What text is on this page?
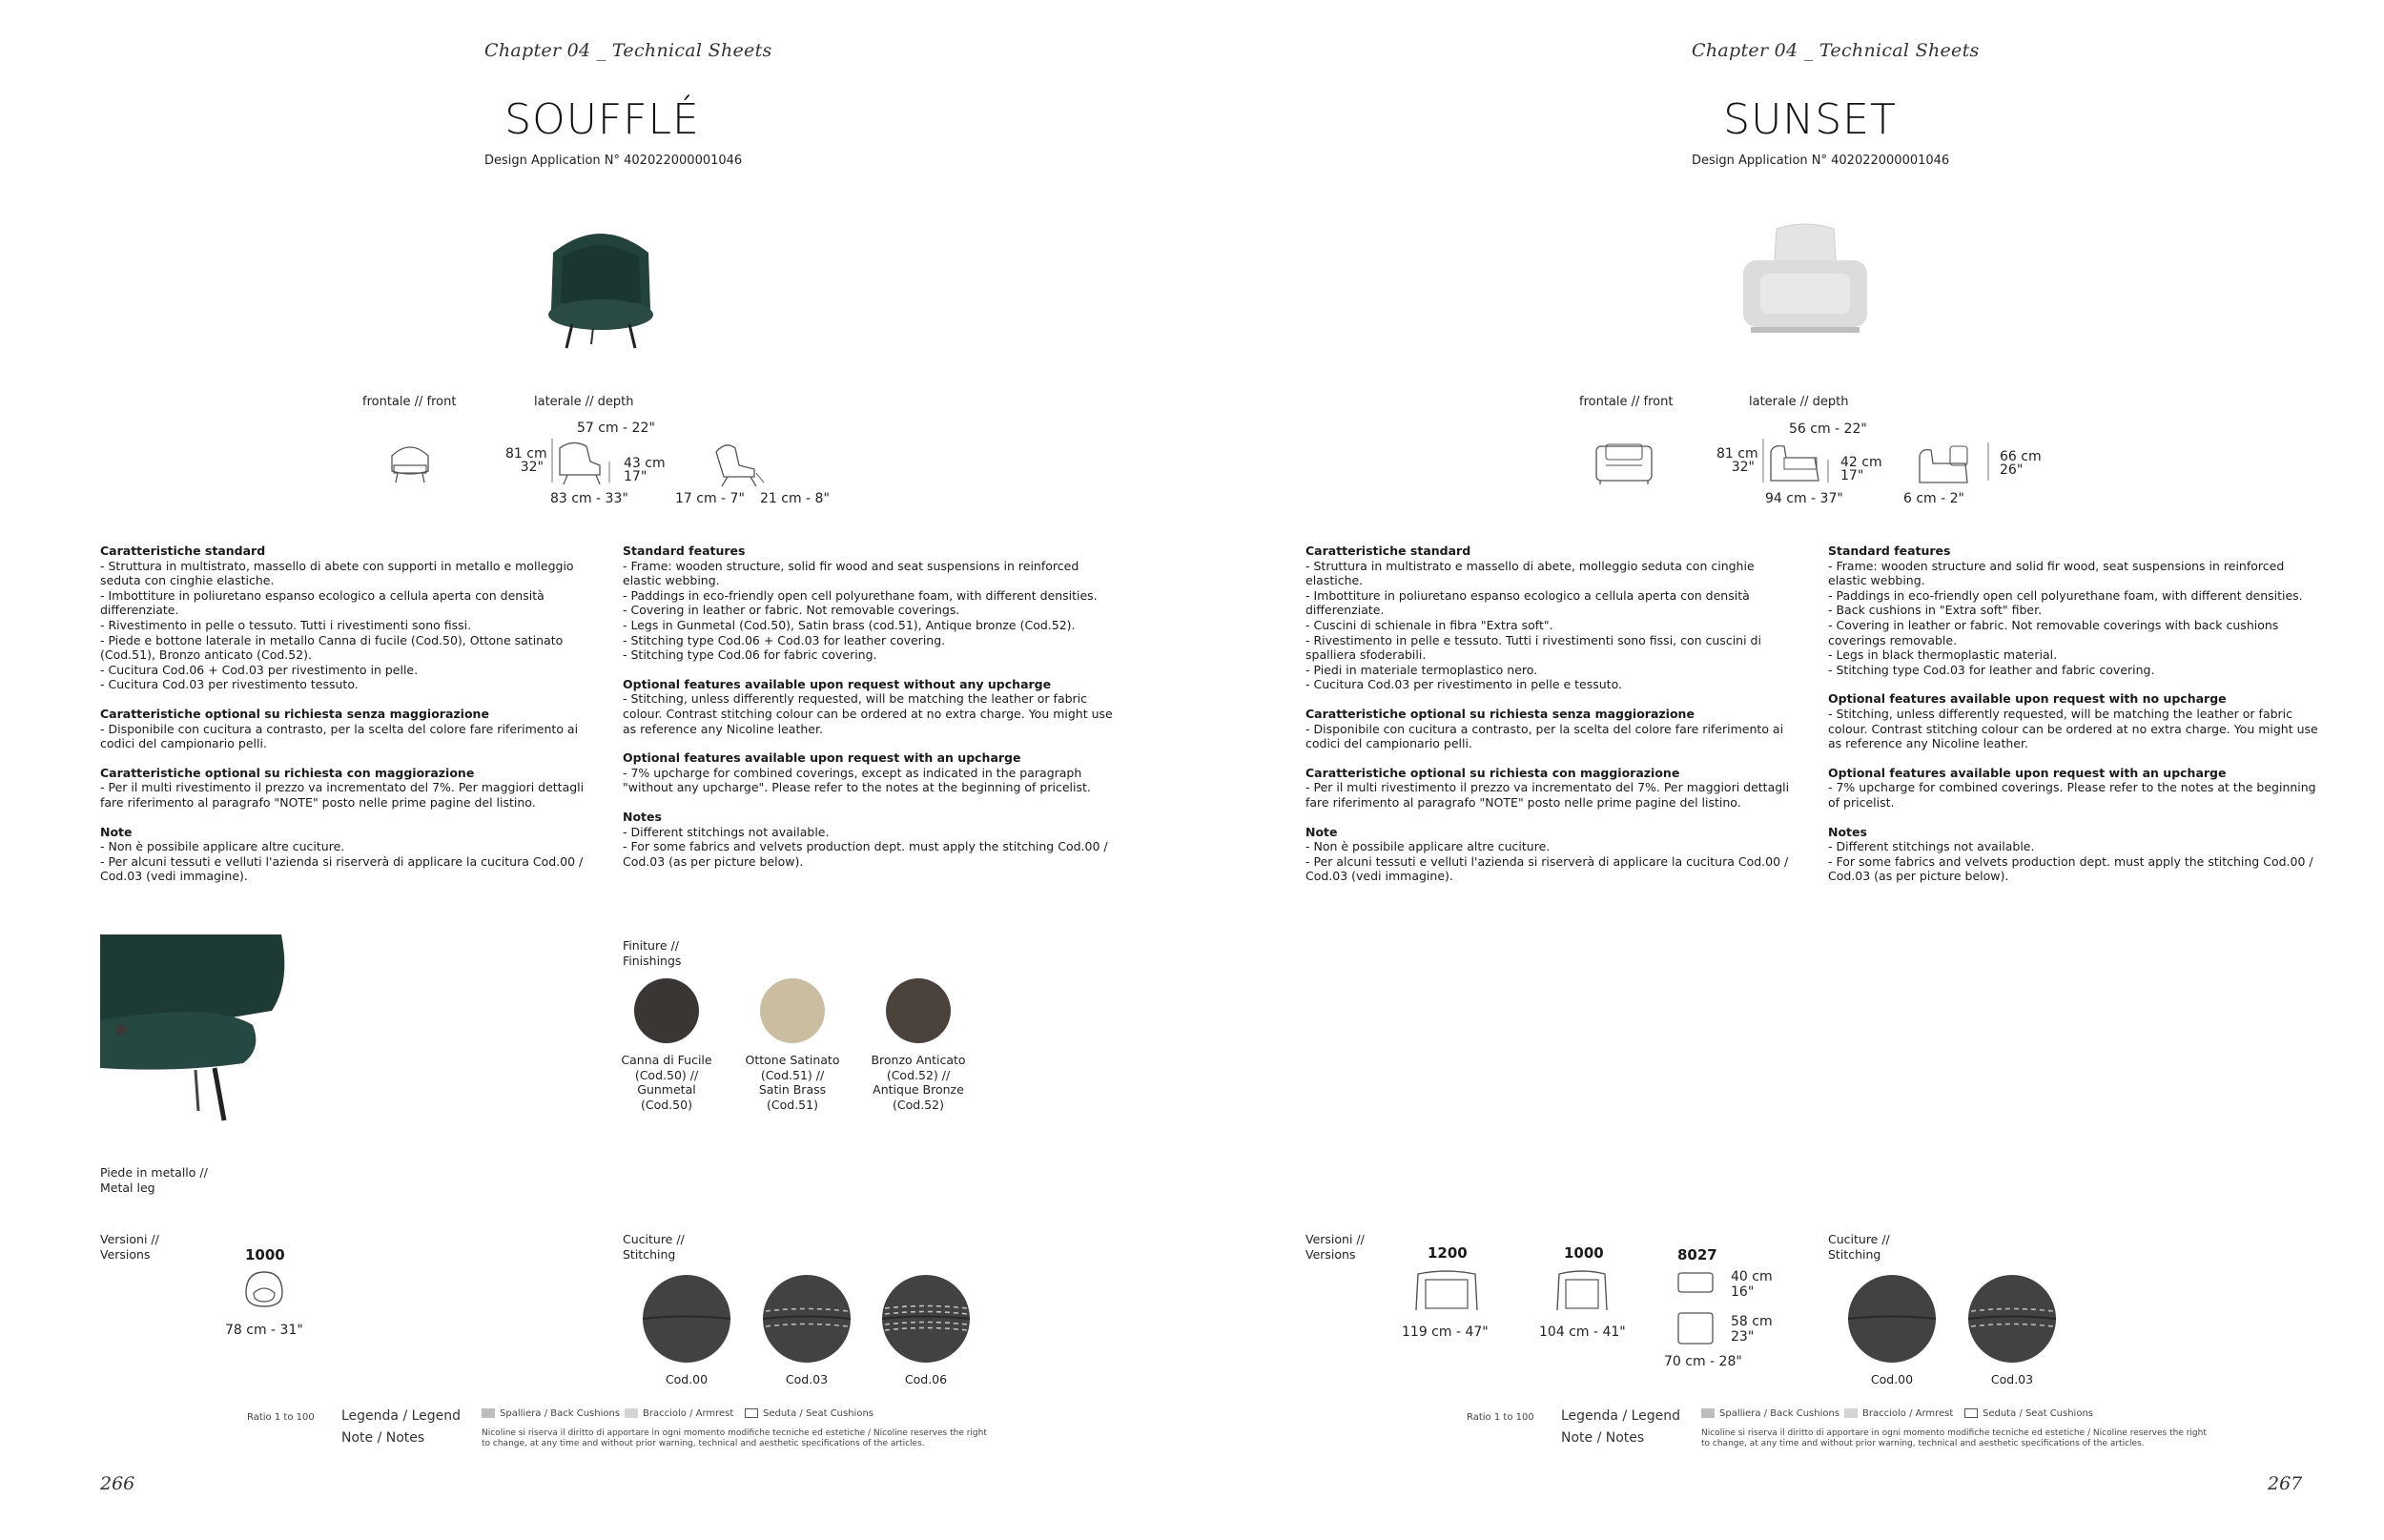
Chapter 04 _ Technical Sheets
SOUFFLÉ
Design Application N° 402022000001046
frontale // front	laterale // depth
57 cm - 22"
81 cm
32"	43 cm
17"
83 cm - 33"	17 cm - 7" 21 cm - 8"
Caratteristiche standard

- Struttura in multistrato, massello di abete con supporti in metallo e molleggio seduta con cinghie elastiche.
- Imbottiture in poliuretano espanso ecologico a cellula aperta con densità differenziate.
- Rivestimento in pelle o tessuto. Tutti i rivestimenti sono fissi.
- Piede e bottone laterale in metallo Canna di fucile (Cod.50), Ottone satinato (Cod.51), Bronzo anticato (Cod.52).
- Cucitura Cod.06 + Cod.03 per rivestimento in pelle.
- Cucitura Cod.03 per rivestimento tessuto.

Caratteristiche optional su richiesta senza maggiorazione

- Disponibile con cucitura a contrasto, per la scelta del colore fare riferimento ai codici del campionario pelli.

Caratteristiche optional su richiesta con maggiorazione

- Per il multi rivestimento il prezzo va incrementato del 7%. Per maggiori dettagli fare riferimento al paragrafo "NOTE" posto nelle prime pagine del listino.

Note

- Non è possibile applicare altre cuciture.
- Per alcuni tessuti e velluti l'azienda si riserverà di applicare la cucitura Cod.00 / Cod.03 (vedi immagine).

Standard features

- Frame: wooden structure, solid fir wood and seat suspensions in reinforced elastic webbing.
- Paddings in eco-friendly open cell polyurethane foam, with different densities.
- Covering in leather or fabric. Not removable coverings.
- Legs in Gunmetal (Cod.50), Satin brass (cod.51), Antique bronze (Cod.52).
- Stitching type Cod.06 + Cod.03 for leather covering.
- Stitching type Cod.06 for fabric covering.

Optional features available upon request without any upcharge

- Stitching, unless differently requested, will be matching the leather or fabric colour. Contrast stitching colour can be ordered at no extra charge. You might use as reference any Nicoline leather.

Optional features available upon request with an upcharge

- 7% upcharge for combined coverings, except as indicated in the paragraph "without any upcharge". Please refer to the notes at the beginning of pricelist.

Notes

- Different stitchings not available.
- For some fabrics and velvets production dept. must apply the stitching Cod.00 / Cod.03 (as per picture below).

Piede in metallo //
Metal leg
Finiture //
Finishings
Canna di Fucile
(Cod.50) //
Gunmetal
(Cod.50)
Ottone Satinato
(Cod.51) //
Satin Brass
(Cod.51)
Bronzo Anticato
(Cod.52) //
Antique Bronze
(Cod.52)
Versioni //
Versions	1000
78 cm - 31"
Cuciture //
Stitching
Cod.00	Cod.03	Cod.06
Ratio 1 to 100 Legenda / Legend
Note / Notes
Spalliera / Back Cushions	Bracciolo / Armrest	Seduta / Seat Cushions
Nicoline si riserva il diritto di apportare in ogni momento modifiche tecniche ed estetiche / Nicoline reserves the right
to change, at any time and without prior warning, technical and aesthetic specifications of the articles.
266
Chapter 04 _ Technical Sheets
SUNSET
Design Application N° 402022000001046
frontale // front	laterale // depth
56 cm - 22"
81 cm
32"	42 cm
17"
94 cm - 37"
66 cm
26"
6 cm - 2"
Caratteristiche standard

- Struttura in multistrato e massello di abete, molleggio seduta con cinghie elastiche.
- Imbottiture in poliuretano espanso ecologico a cellula aperta con densità differenziate.
- Cuscini di schienale in fibra "Extra soft".
- Rivestimento in pelle e tessuto. Tutti i rivestimenti sono fissi, con cuscini di spalliera sfoderabili.
- Piedi in materiale termoplastico nero.
- Cucitura Cod.03 per rivestimento in pelle e tessuto.

Caratteristiche optional su richiesta senza maggiorazione

- Disponibile con cucitura a contrasto, per la scelta del colore fare riferimento ai codici del campionario pelli.

Caratteristiche optional su richiesta con maggiorazione

- Per il multi rivestimento il prezzo va incrementato del 7%. Per maggiori dettagli fare riferimento al paragrafo "NOTE" posto nelle prime pagine del listino.

Note

- Non è possibile applicare altre cuciture.
- Per alcuni tessuti e velluti l'azienda si riserverà di applicare la cucitura Cod.00 / Cod.03 (vedi immagine).

Standard features

- Frame: wooden structure and solid fir wood, seat suspensions in reinforced elastic webbing.
- Paddings in eco-friendly open cell polyurethane foam, with different densities.
- Back cushions in "Extra soft" fiber.
- Covering in leather or fabric. Not removable coverings with back cushions coverings removable.
- Legs in black thermoplastic material.
- Stitching type Cod.03 for leather and fabric covering.

Optional features available upon request with no upcharge

- Stitching, unless differently requested, will be matching the leather or fabric colour. Contrast stitching colour can be ordered at no extra charge. You might use as reference any Nicoline leather.

Optional features available upon request with an upcharge

- 7% upcharge for combined coverings. Please refer to the notes at the beginning of pricelist.

Notes

- Different stitchings not available.
- For some fabrics and velvets production dept. must apply the stitching Cod.00 / Cod.03 (as per picture below).

Versioni //
Versions	1200
119 cm - 47"
1000
104 cm - 41"
8027
40 cm
16"
58 cm
23"
70 cm - 28"
Cuciture //
Stitching
Cod.00	Cod.03
Ratio 1 to 100 Legenda / Legend
Note / Notes
Spalliera / Back Cushions	Bracciolo / Armrest	Seduta / Seat Cushions
Nicoline si riserva il diritto di apportare in ogni momento modifiche tecniche ed estetiche / Nicoline reserves the right
to change, at any time and without prior warning, technical and aesthetic specifications of the articles.
267
